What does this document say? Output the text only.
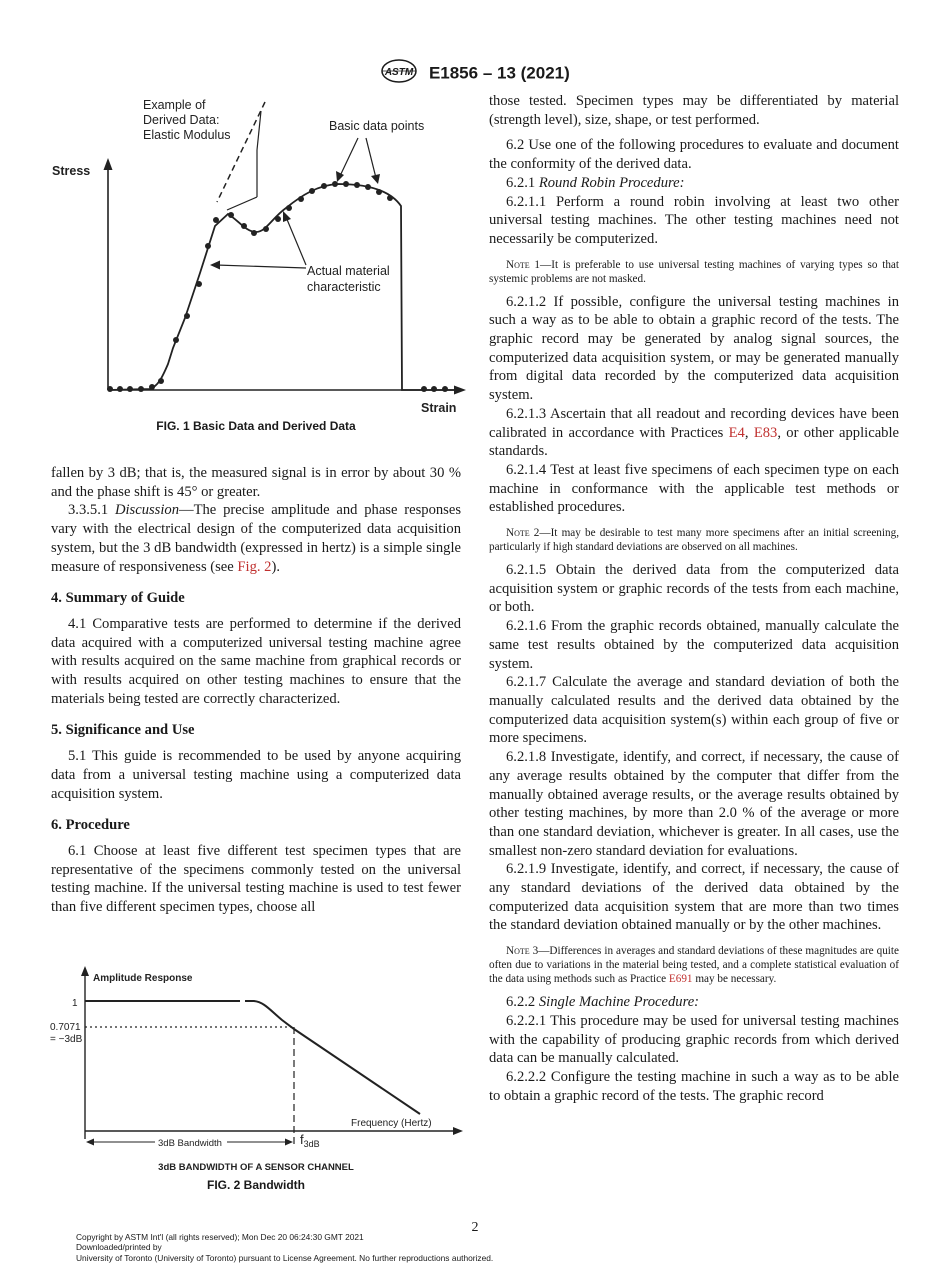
ASTM E1856 – 13 (2021)
Example of
Derived Data:
Elastic Modulus
Basic data points
Stress
Strain
Actual material
characteristic
FIG. 1 Basic Data and Derived Data

fallen by 3 dB; that is, the measured signal is in error by about 30 % and the phase shift is 45° or greater.

3.3.5.1 Discussion—The precise amplitude and phase responses vary with the electrical design of the computerized data acquisition system, but the 3 dB bandwidth (expressed in hertz) is a simple single measure of responsiveness (see Fig. 2).

4. Summary of Guide

4.1 Comparative tests are performed to determine if the derived data acquired with a computerized universal testing machine agree with results acquired on the same machine from graphical records or with results acquired on other testing machines to ensure that the materials being tested are correctly characterized.

5. Significance and Use

5.1 This guide is recommended to be used by anyone acquiring data from a universal testing machine using a computerized data acquisition system.

6. Procedure

6.1 Choose at least five different test specimen types that are representative of the specimens commonly tested on the universal testing machine. If the universal testing machine is used to test fewer than five different specimen types, choose all

Amplitude Response
1
0.7071
= −3dB
Frequency (Hertz)
3dB Bandwidth	$f_{3dB}$
3dB BANDWIDTH OF A SENSOR CHANNEL
FIG. 2 Bandwidth

those tested. Specimen types may be differentiated by material (strength level), size, shape, or test performed.

6.2 Use one of the following procedures to evaluate and document the conformity of the derived data.

6.2.1 Round Robin Procedure:

6.2.1.1 Perform a round robin involving at least two other universal testing machines. The other testing machines need not necessarily be computerized.

Note 1—It is preferable to use universal testing machines of varying types so that systemic problems are not masked.

6.2.1.2 If possible, configure the universal testing machines in such a way as to be able to obtain a graphic record of the tests. The graphic record may be generated by analog signal sources, the computerized data acquisition system, or may be generated manually from digital data recorded by the computerized data acquisition system.

6.2.1.3 Ascertain that all readout and recording devices have been calibrated in accordance with Practices E4, E83, or other applicable standards.

6.2.1.4 Test at least five specimens of each specimen type on each machine in conformance with the applicable test methods or established procedures.

Note 2—It may be desirable to test many more specimens after an initial screening, particularly if high standard deviations are observed on all machines.

6.2.1.5 Obtain the derived data from the computerized data acquisition system or graphic records of the tests from each machine, or both.

6.2.1.6 From the graphic records obtained, manually calculate the same test results obtained by the computerized data acquisition system.

6.2.1.7 Calculate the average and standard deviation of both the manually calculated results and the derived data obtained by the computerized data acquisition system(s) within each group of five or more specimens.

6.2.1.8 Investigate, identify, and correct, if necessary, the cause of any average results obtained by the computer that differ from the manually obtained average results, or the average results obtained by other testing machines, by more than 2.0 % of the average or more than one standard deviation, whichever is greater. In all cases, use the smallest non-zero standard deviation for evaluations.

6.2.1.9 Investigate, identify, and correct, if necessary, the cause of any standard deviations of the derived data obtained by the computerized data acquisition system that are more than two times the standard deviation obtained manually or by the other machines.

Note 3—Differences in averages and standard deviations of these magnitudes are quite often due to variations in the material being tested, and a complete statistical evaluation of the data using methods such as Practice E691 may be necessary.

6.2.2 Single Machine Procedure:

6.2.2.1 This procedure may be used for universal testing machines with the capability of producing graphic records from which derived data can be manually calculated.

6.2.2.2 Configure the testing machine in such a way as to be able to obtain a graphic record of the tests. The graphic record

2
Copyright by ASTM Int'l (all rights reserved); Mon Dec 20 06:24:30 GMT 2021
Downloaded/printed by
University of Toronto (University of Toronto) pursuant to License Agreement. No further reproductions authorized.
